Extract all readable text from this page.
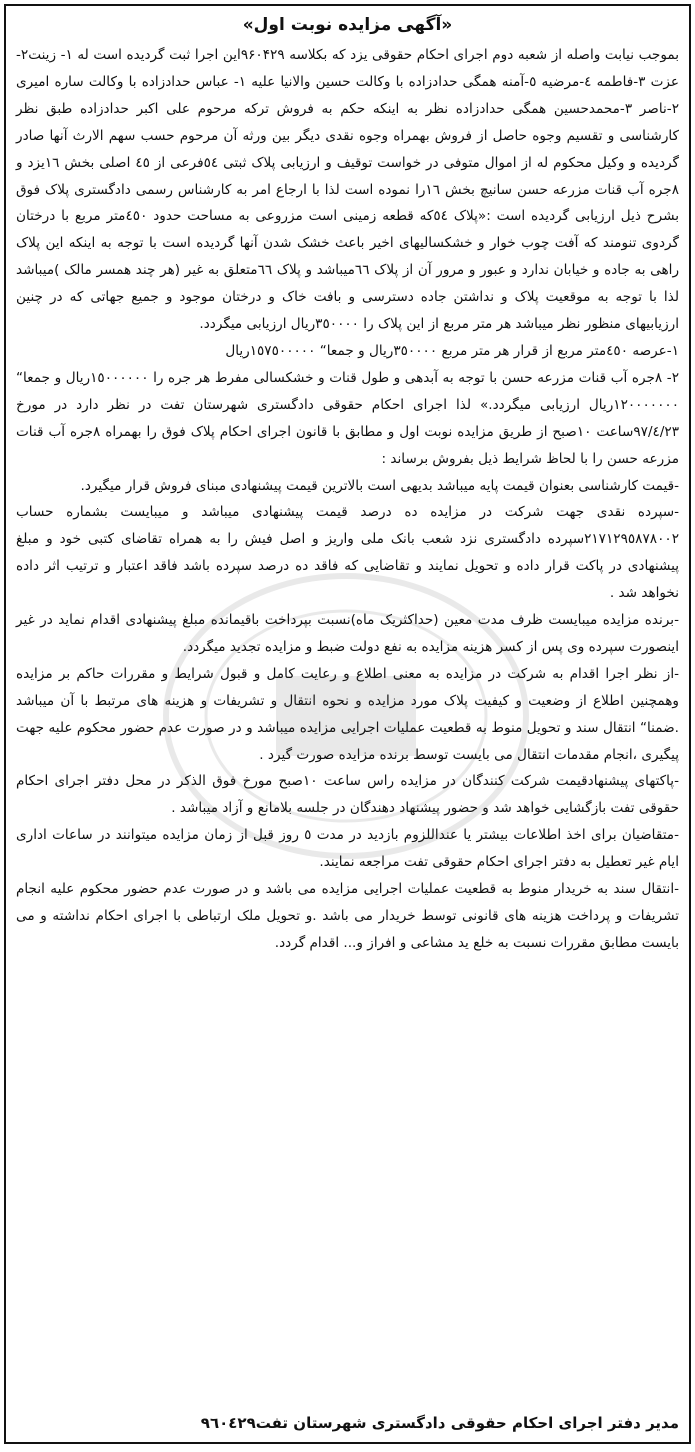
«آگهی مزایده نوبت اول»

بموجب نیابت واصله از شعبه دوم اجرای احکام حقوقی یزد که بکلاسه ۹۶۰۴۲۹این اجرا ثبت گردیده است له ۱- زینت۲-عزت ۳-فاطمه ٤-مرضیه ٥-آمنه همگی حدادزاده با وکالت حسین والانیا علیه ۱- عباس حدادزاده با وکالت ساره امیری ۲-ناصر ۳-محمدحسین همگی حدادزاده نظر به اینکه حکم به فروش ترکه مرحوم علی اکبر حدادزاده طبق نظر کارشناسی و تقسیم وجوه حاصل از فروش بهمراه وجوه نقدی دیگر بین ورثه آن مرحوم حسب سهم الارث آنها صادر گردیده و وکیل محکوم له از اموال متوفی در خواست توقیف و ارزیابی پلاک ثبتی ٥٤فرعی از ٤٥ اصلی بخش ۱٦یزد و ۸جره آب قنات مزرعه حسن سانیچ بخش ۱٦را نموده است لذا با ارجاع امر به کارشناس رسمی دادگستری پلاک فوق بشرح ذیل ارزیابی گردیده است :«پلاک ٥٤که قطعه زمینی است مزروعی به مساحت حدود ٤٥۰متر مربع با درختان گردوی تنومند که آفت چوب خوار و خشکسالیهای اخیر باعث خشک شدن آنها گردیده است با توجه به اینکه این پلاک راهی به جاده و خیابان ندارد و عبور و مرور آن از پلاک ٦٦میباشد و پلاک ٦٦متعلق به غیر (هر چند همسر مالک )میباشد لذا با توجه به موقعیت پلاک و نداشتن جاده دسترسی و بافت خاک و درختان موجود و جمیع جهاتی که در چنین ارزیابیهای منظور نظر میباشد هر متر مربع از این پلاک را ۳٥۰۰۰۰ریال ارزیابی میگردد.

۱-عرصه ٤٥۰متر مربع از قرار هر متر مربع ۳٥۰۰۰۰ریال و جمعا“ ۱٥۷٥۰۰۰۰۰ریال

۲- ۸جره آب قنات مزرعه حسن با توجه به آبدهی و طول قنات و خشکسالی مفرط هر جره را ۱٥۰۰۰۰۰۰ریال و جمعا“ ۱۲۰۰۰۰۰۰۰ریال ارزیابی میگردد.» لذا اجرای احکام حقوقی دادگستری شهرستان تفت در نظر دارد در مورخ ۹۷/٤/۲۳ساعت ۱۰صبح از طریق مزایده نوبت اول و مطابق با قانون اجرای احکام پلاک فوق را بهمراه ۸جره آب قنات مزرعه حسن را با لحاظ شرایط ذیل بفروش برساند :

-قیمت کارشناسی بعنوان قیمت پایه میباشد بدیهی است بالاترین قیمت پیشنهادی مبنای فروش قرار میگیرد.

-سپرده نقدی جهت شرکت در مزایده ده درصد قیمت پیشنهادی میباشد و میبایست بشماره حساب ۲۱۷۱۲۹٥۸۷۸۰۰۲سپرده دادگستری نزد شعب بانک ملی واریز و اصل فیش را به همراه تقاضای کتبی خود و مبلغ پیشنهادی در پاکت قرار داده و تحویل نمایند و تقاضایی که فاقد ده درصد سپرده باشد فاقد اعتبار و ترتیب اثر داده نخواهد شد .

-برنده مزایده میبایست ظرف مدت معین (حداکثریک ماه)نسبت بپرداخت باقیمانده مبلغ پیشنهادی اقدام نماید در غیر اینصورت سپرده وی پس از کسر هزینه مزایده به نفع دولت ضبط و مزایده تجدید میگردد.

-از نظر اجرا اقدام به شرکت در مزایده به معنی اطلاع و رعایت کامل و قبول شرایط و مقررات حاکم بر مزایده وهمچنین اطلاع از وضعیت و کیفیت پلاک مورد مزایده و نحوه انتقال و تشریفات و هزینه های مرتبط با آن میباشد .ضمنا“ انتقال سند و تحویل منوط به قطعیت عملیات اجرایی مزایده میباشد و در صورت عدم حضور محکوم علیه جهت پیگیری ،انجام مقدمات انتقال می بایست توسط برنده مزایده صورت گیرد .

-پاکتهای پیشنهادقیمت شرکت کنندگان در مزایده راس ساعت ۱۰صبح مورخ فوق الذکر در محل دفتر اجرای احکام حقوقی تفت بازگشایی خواهد شد و حضور پیشنهاد دهندگان در جلسه بلامانع و آزاد میباشد .

-متقاضیان برای اخذ اطلاعات بیشتر یا عنداللزوم بازدید در مدت ٥ روز قبل از زمان مزایده میتوانند در ساعات اداری ایام غیر تعطیل به دفتر اجرای احکام حقوقی تفت مراجعه نمایند.

-انتقال سند به خریدار منوط به قطعیت عملیات اجرایی مزایده می باشد و در صورت عدم حضور محکوم علیه انجام تشریفات و پرداخت هزینه های قانونی توسط خریدار می باشد .و تحویل ملک ارتباطی با اجرای احکام نداشته و می بایست مطابق مقررات نسبت به خلع ید مشاعی و افراز و... اقدام گردد.

مدیر دفتر اجرای احکام حقوقی دادگستری شهرستان تفت۹٦۰٤۲۹
